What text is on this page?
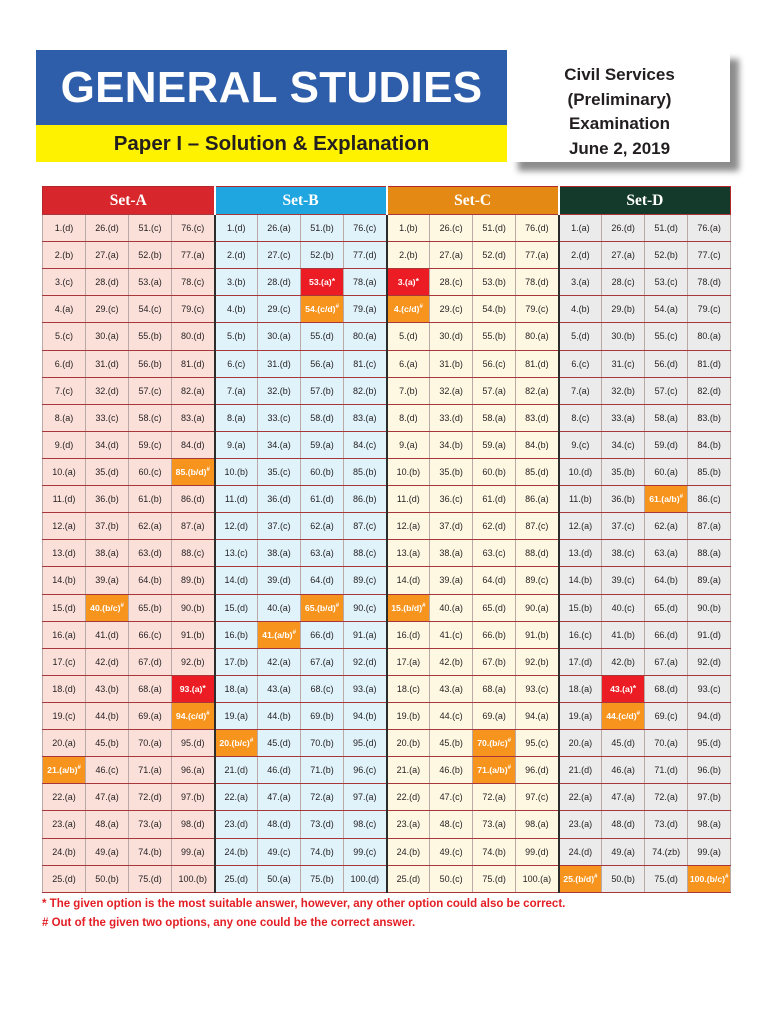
GENERAL STUDIES
Paper I – Solution & Explanation
Civil Services
(Preliminary)
Examination
June 2, 2019
Set-A				Set-B				Set-C				Set-D			
1.(d)	26.(d)	51.(c)	76.(c)	1.(d)	26.(a)	51.(b)	76.(c)	1.(b)	26.(c)	51.(d)	76.(d)	1.(a)	26.(d)	51.(d)	76.(a)
2.(b)	27.(a)	52.(b)	77.(a)	2.(d)	27.(c)	52.(b)	77.(d)	2.(b)	27.(a)	52.(d)	77.(a)	2.(d)	27.(a)	52.(b)	77.(c)
3.(c)	28.(d)	53.(a)	78.(c)	3.(b)	28.(d)	53.(a)*	78.(a)	3.(a)*	28.(c)	53.(b)	78.(d)	3.(a)	28.(c)	53.(c)	78.(d)
4.(a)	29.(c)	54.(c)	79.(c)	4.(b)	29.(c)	54.(c/d)#	79.(a)	4.(c/d)#	29.(c)	54.(b)	79.(c)	4.(b)	29.(b)	54.(a)	79.(c)
5.(c)	30.(a)	55.(b)	80.(d)	5.(b)	30.(a)	55.(d)	80.(a)	5.(d)	30.(d)	55.(b)	80.(a)	5.(d)	30.(b)	55.(c)	80.(a)
6.(d)	31.(d)	56.(b)	81.(d)	6.(c)	31.(d)	56.(a)	81.(c)	6.(a)	31.(b)	56.(c)	81.(d)	6.(c)	31.(c)	56.(d)	81.(d)
7.(c)	32.(d)	57.(c)	82.(a)	7.(a)	32.(b)	57.(b)	82.(b)	7.(b)	32.(a)	57.(a)	82.(a)	7.(a)	32.(b)	57.(c)	82.(d)
8.(a)	33.(c)	58.(c)	83.(a)	8.(a)	33.(c)	58.(d)	83.(a)	8.(d)	33.(d)	58.(a)	83.(d)	8.(c)	33.(a)	58.(a)	83.(b)
9.(d)	34.(d)	59.(c)	84.(d)	9.(a)	34.(a)	59.(a)	84.(c)	9.(a)	34.(b)	59.(a)	84.(b)	9.(c)	34.(c)	59.(d)	84.(b)
10.(a)	35.(d)	60.(c)	85.(b/d)#	10.(b)	35.(c)	60.(b)	85.(b)	10.(b)	35.(b)	60.(b)	85.(d)	10.(d)	35.(b)	60.(a)	85.(b)
11.(d)	36.(b)	61.(b)	86.(d)	11.(d)	36.(d)	61.(d)	86.(b)	11.(d)	36.(c)	61.(d)	86.(a)	11.(b)	36.(b)	61.(a/b)#	86.(c)
12.(a)	37.(b)	62.(a)	87.(a)	12.(d)	37.(c)	62.(a)	87.(c)	12.(a)	37.(d)	62.(d)	87.(c)	12.(a)	37.(c)	62.(a)	87.(a)
13.(d)	38.(a)	63.(d)	88.(c)	13.(c)	38.(a)	63.(a)	88.(c)	13.(a)	38.(a)	63.(c)	88.(d)	13.(d)	38.(c)	63.(a)	88.(a)
14.(b)	39.(a)	64.(b)	89.(b)	14.(d)	39.(d)	64.(d)	89.(c)	14.(d)	39.(a)	64.(d)	89.(c)	14.(b)	39.(c)	64.(b)	89.(a)
15.(d)	40.(b/c)#	65.(b)	90.(b)	15.(d)	40.(a)	65.(b/d)#	90.(c)	15.(b/d)#	40.(a)	65.(d)	90.(a)	15.(b)	40.(c)	65.(d)	90.(b)
16.(a)	41.(d)	66.(c)	91.(b)	16.(b)	41.(a/b)#	66.(d)	91.(a)	16.(d)	41.(c)	66.(b)	91.(b)	16.(c)	41.(b)	66.(d)	91.(d)
17.(c)	42.(d)	67.(d)	92.(b)	17.(b)	42.(a)	67.(a)	92.(d)	17.(a)	42.(b)	67.(b)	92.(b)	17.(d)	42.(b)	67.(a)	92.(d)
18.(d)	43.(b)	68.(a)	93.(a)*	18.(a)	43.(a)	68.(c)	93.(a)	18.(c)	43.(a)	68.(a)	93.(c)	18.(a)	43.(a)*	68.(d)	93.(c)
19.(c)	44.(b)	69.(a)	94.(c/d)#	19.(a)	44.(b)	69.(b)	94.(b)	19.(b)	44.(c)	69.(a)	94.(a)	19.(a)	44.(c/d)#	69.(c)	94.(d)
20.(a)	45.(b)	70.(a)	95.(d)	20.(b/c)#	45.(d)	70.(b)	95.(d)	20.(b)	45.(b)	70.(b/c)#	95.(c)	20.(a)	45.(d)	70.(a)	95.(d)
21.(a/b)#	46.(c)	71.(a)	96.(a)	21.(d)	46.(d)	71.(b)	96.(c)	21.(a)	46.(b)	71.(a/b)#	96.(d)	21.(d)	46.(a)	71.(d)	96.(b)
22.(a)	47.(a)	72.(d)	97.(b)	22.(a)	47.(a)	72.(a)	97.(a)	22.(d)	47.(c)	72.(a)	97.(c)	22.(a)	47.(a)	72.(a)	97.(b)
23.(a)	48.(a)	73.(a)	98.(d)	23.(d)	48.(d)	73.(d)	98.(c)	23.(a)	48.(c)	73.(a)	98.(a)	23.(a)	48.(d)	73.(d)	98.(a)
24.(b)	49.(a)	74.(b)	99.(a)	24.(b)	49.(c)	74.(b)	99.(c)	24.(b)	49.(c)	74.(b)	99.(d)	24.(d)	49.(a)	74.(zb)	99.(a)
25.(d)	50.(b)	75.(d)	100.(b)	25.(d)	50.(a)	75.(b)	100.(d)	25.(d)	50.(c)	75.(d)	100.(a)	25.(b/d)#	50.(b)	75.(d)	100.(b/c)#
* The given option is the most suitable answer, however, any other option could also be correct.
# Out of the given two options, any one could be the correct answer.
